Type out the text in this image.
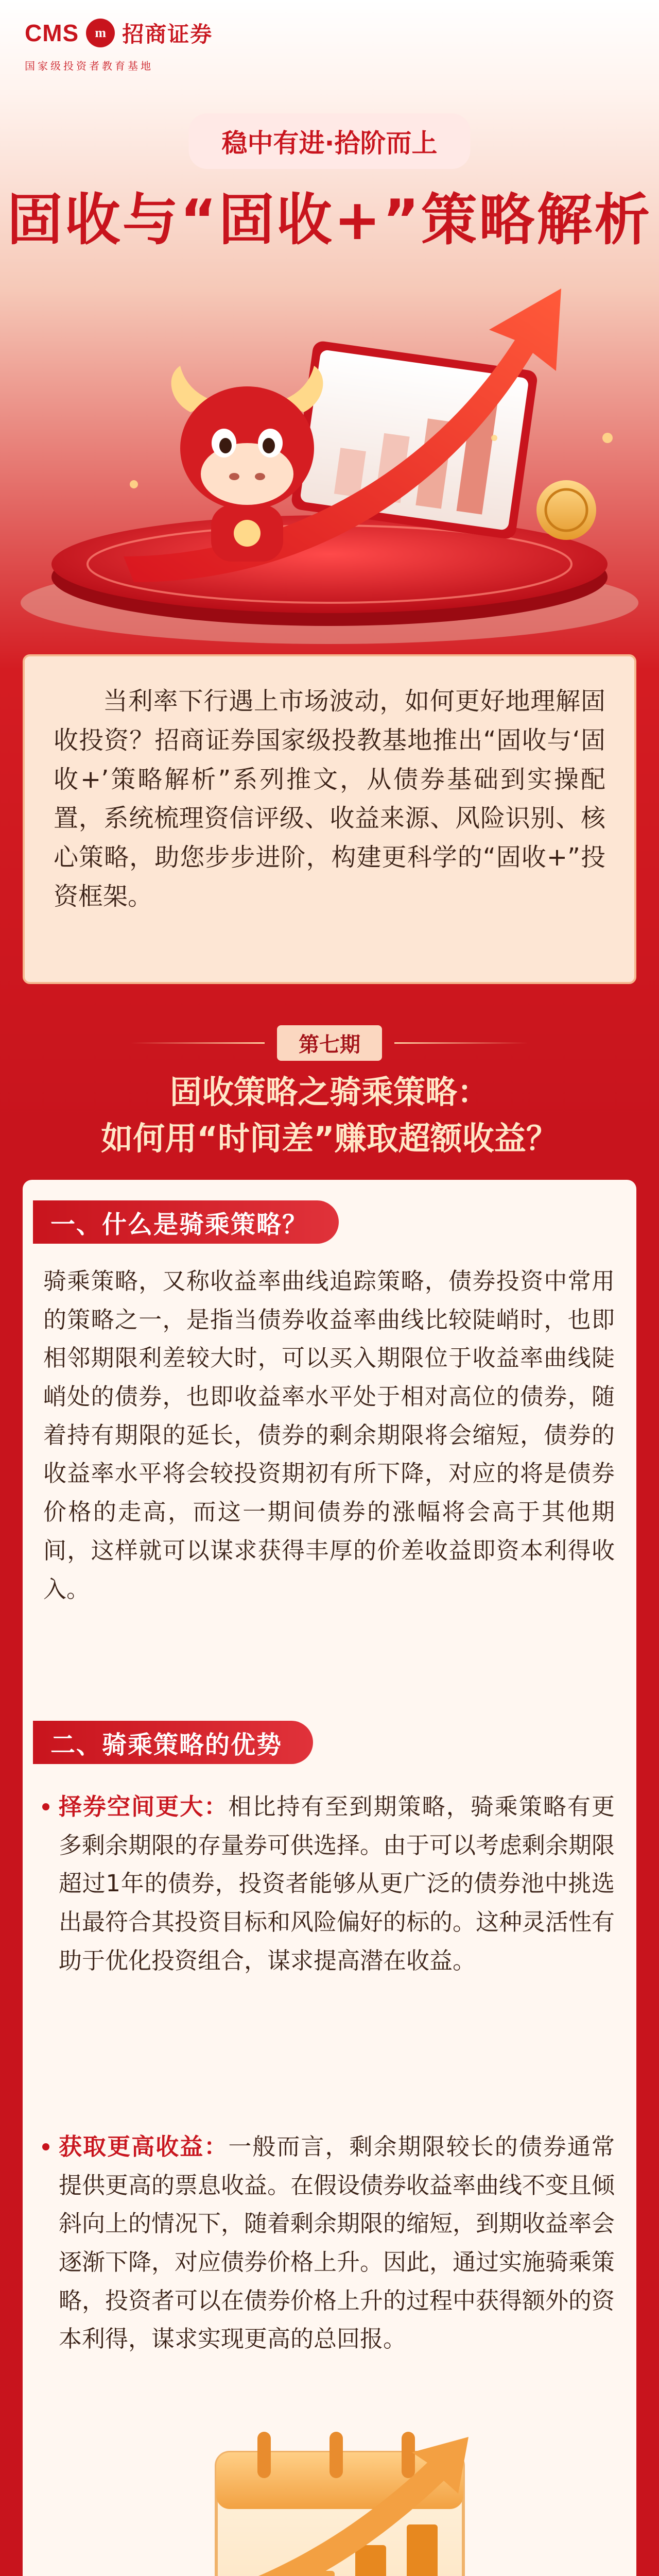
CMS	m 招商证券
国家级投资者教育基地
稳中有进·拾阶而上
固收与“固收+”策略解析

当利率下行遇上市场波动，如何更好地理解固收投资？招商证券国家级投教基地推出“固收与‘固收+’策略解析”系列推文，从债券基础到实操配置，系统梳理资信评级、收益来源、风险识别、核心策略，助您步步进阶，构建更科学的“固收+”投资框架。

第七期
固收策略之骑乘策略：
如何用“时间差”赚取超额收益？
一、什么是骑乘策略？

骑乘策略，又称收益率曲线追踪策略，债券投资中常用的策略之一，是指当债券收益率曲线比较陡峭时，也即相邻期限利差较大时，可以买入期限位于收益率曲线陡峭处的债券，也即收益率水平处于相对高位的债券，随着持有期限的延长，债券的剩余期限将会缩短，债券的收益率水平将会较投资期初有所下降，对应的将是债券价格的走高，而这一期间债券的涨幅将会高于其他期间，这样就可以谋求获得丰厚的价差收益即资本利得收入。

二、骑乘策略的优势

择券空间更大：相比持有至到期策略，骑乘策略有更多剩余期限的存量券可供选择。由于可以考虑剩余期限超过1年的债券，投资者能够从更广泛的债券池中挑选出最符合其投资目标和风险偏好的标的。这种灵活性有助于优化投资组合，谋求提高潜在收益。

获取更高收益：一般而言，剩余期限较长的债券通常提供更高的票息收益。在假设债券收益率曲线不变且倾斜向上的情况下，随着剩余期限的缩短，到期收益率会逐渐下降，对应债券价格上升。因此，通过实施骑乘策略，投资者可以在债券价格上升的过程中获得额外的资本利得，谋求实现更高的总回报。
